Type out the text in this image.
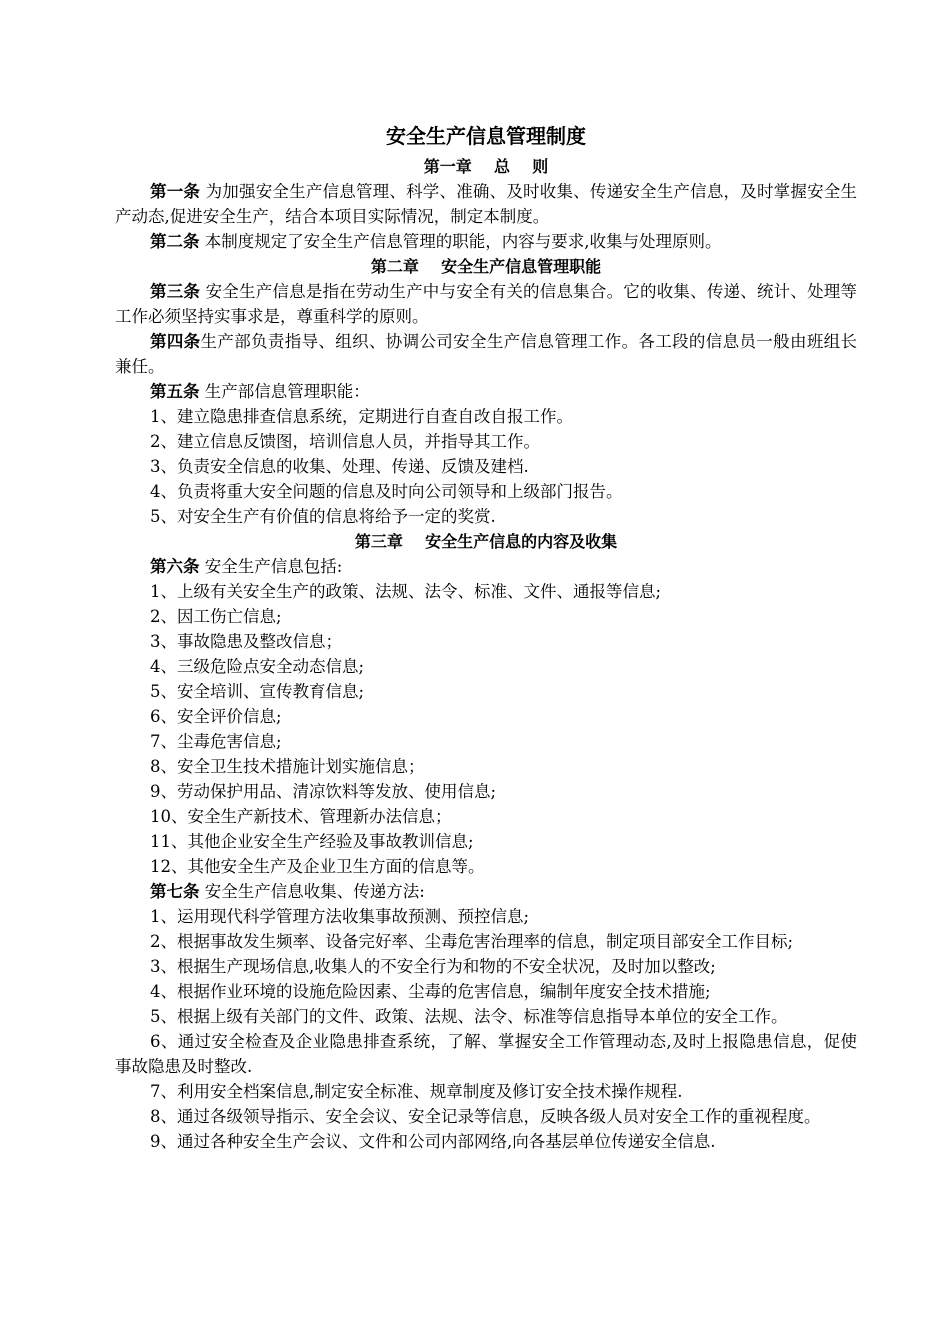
安全生产信息管理制度
第一章    总    则

第一条 为加强安全生产信息管理、科学、准确、及时收集、传递安全生产信息，及时掌握安全生产动态,促进安全生产，结合本项目实际情况，制定本制度。

第二条 本制度规定了安全生产信息管理的职能，内容与要求,收集与处理原则。

第二章    安全生产信息管理职能

第三条 安全生产信息是指在劳动生产中与安全有关的信息集合。它的收集、传递、统计、处理等工作必须坚持实事求是，尊重科学的原则。

第四条生产部负责指导、组织、协调公司安全生产信息管理工作。各工段的信息员一般由班组长兼任。

第五条 生产部信息管理职能：

1、建立隐患排查信息系统，定期进行自查自改自报工作。

2、建立信息反馈图，培训信息人员，并指导其工作。

3、负责安全信息的收集、处理、传递、反馈及建档.

4、负责将重大安全问题的信息及时向公司领导和上级部门报告。

5、对安全生产有价值的信息将给予一定的奖赏.

第三章    安全生产信息的内容及收集

第六条 安全生产信息包括:

1、上级有关安全生产的政策、法规、法令、标准、文件、通报等信息;

2、因工伤亡信息;

3、事故隐患及整改信息；

4、三级危险点安全动态信息;

5、安全培训、宣传教育信息;

6、安全评价信息;

7、尘毒危害信息;

8、安全卫生技术措施计划实施信息；

9、劳动保护用品、清凉饮料等发放、使用信息;

10、安全生产新技术、管理新办法信息；

11、其他企业安全生产经验及事故教训信息;

12、其他安全生产及企业卫生方面的信息等。

第七条 安全生产信息收集、传递方法:

1、运用现代科学管理方法收集事故预测、预控信息;

2、根据事故发生频率、设备完好率、尘毒危害治理率的信息，制定项目部安全工作目标;

3、根据生产现场信息,收集人的不安全行为和物的不安全状况，及时加以整改;

4、根据作业环境的设施危险因素、尘毒的危害信息，编制年度安全技术措施;

5、根据上级有关部门的文件、政策、法规、法令、标准等信息指导本单位的安全工作。

6、通过安全检查及企业隐患排查系统，了解、掌握安全工作管理动态,及时上报隐患信息，促使事故隐患及时整改.

7、利用安全档案信息,制定安全标准、规章制度及修订安全技术操作规程.

8、通过各级领导指示、安全会议、安全记录等信息，反映各级人员对安全工作的重视程度。

9、通过各种安全生产会议、文件和公司内部网络,向各基层单位传递安全信息.
